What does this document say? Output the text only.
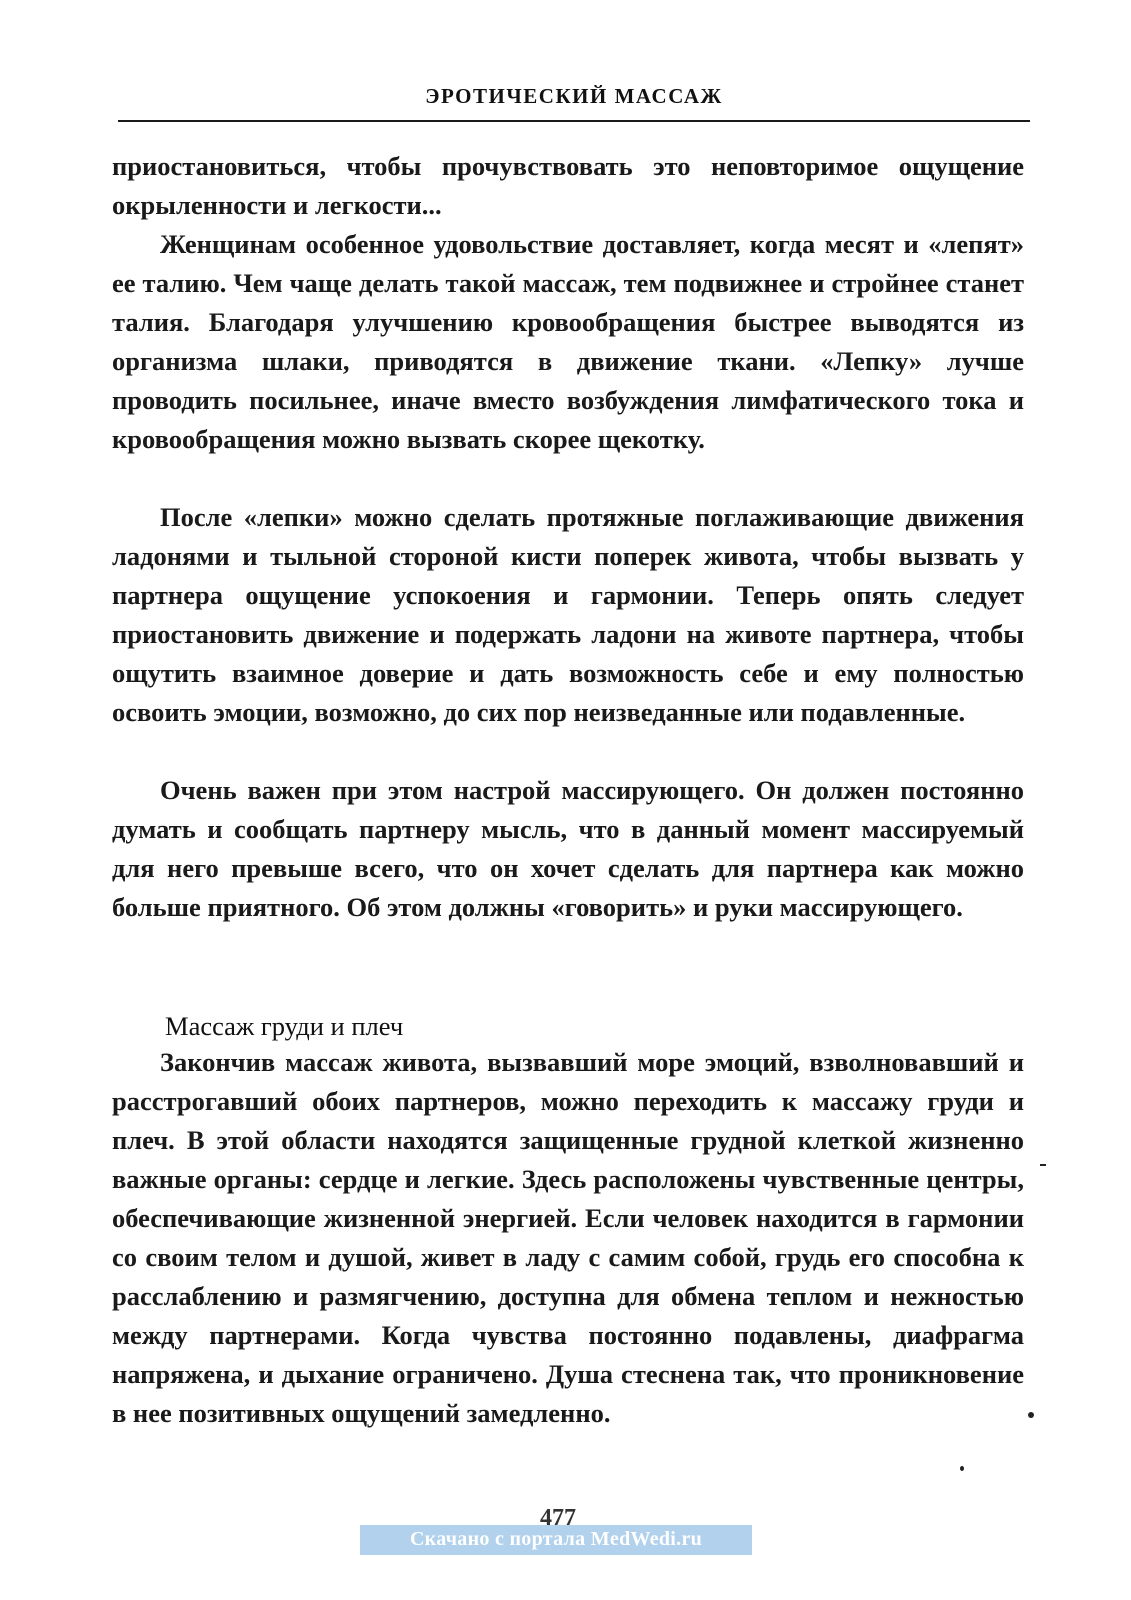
ЭРОТИЧЕСКИЙ МАССАЖ

приостановиться, чтобы прочувствовать это неповторимое ощущение окрыленности и легкости...

Женщинам особенное удовольствие доставляет, когда месят и «лепят» ее талию. Чем чаще делать такой массаж, тем подвижнее и стройнее станет талия. Благодаря улучшению кровообращения быстрее выводятся из организма шлаки, приводятся в движение ткани. «Лепку» лучше проводить посильнее, иначе вместо возбуждения лимфатического тока и кровообращения можно вызвать скорее щекотку.

После «лепки» можно сделать протяжные поглаживающие движения ладонями и тыльной стороной кисти поперек живота, чтобы вызвать у партнера ощущение успокоения и гармонии. Теперь опять следует приостановить движение и подержать ладони на животе партнера, чтобы ощутить взаимное доверие и дать возможность себе и ему полностью освоить эмоции, возможно, до сих пор неизведанные или подавленные.

Очень важен при этом настрой массирующего. Он должен постоянно думать и сообщать партнеру мысль, что в данный момент массируемый для него превыше всего, что он хочет сделать для партнера как можно больше приятного. Об этом должны «говорить» и руки массирующего.

Массаж груди и плеч

Закончив массаж живота, вызвавший море эмоций, взволновавший и расстрогавший обоих партнеров, можно переходить к массажу груди и плеч. В этой области находятся защищенные грудной клеткой жизненно важные органы: сердце и легкие. Здесь расположены чувственные центры, обеспечивающие жизненной энергией. Если человек находится в гармонии со своим телом и душой, живет в ладу с самим собой, грудь его способна к расслаблению и размягчению, доступна для обмена теплом и нежностью между партнерами. Когда чувства постоянно подавлены, диафрагма напряжена, и дыхание ограничено. Душа стеснена так, что проникновение в нее позитивных ощущений замедленно.

477
Скачано с портала MedWedi.ru
